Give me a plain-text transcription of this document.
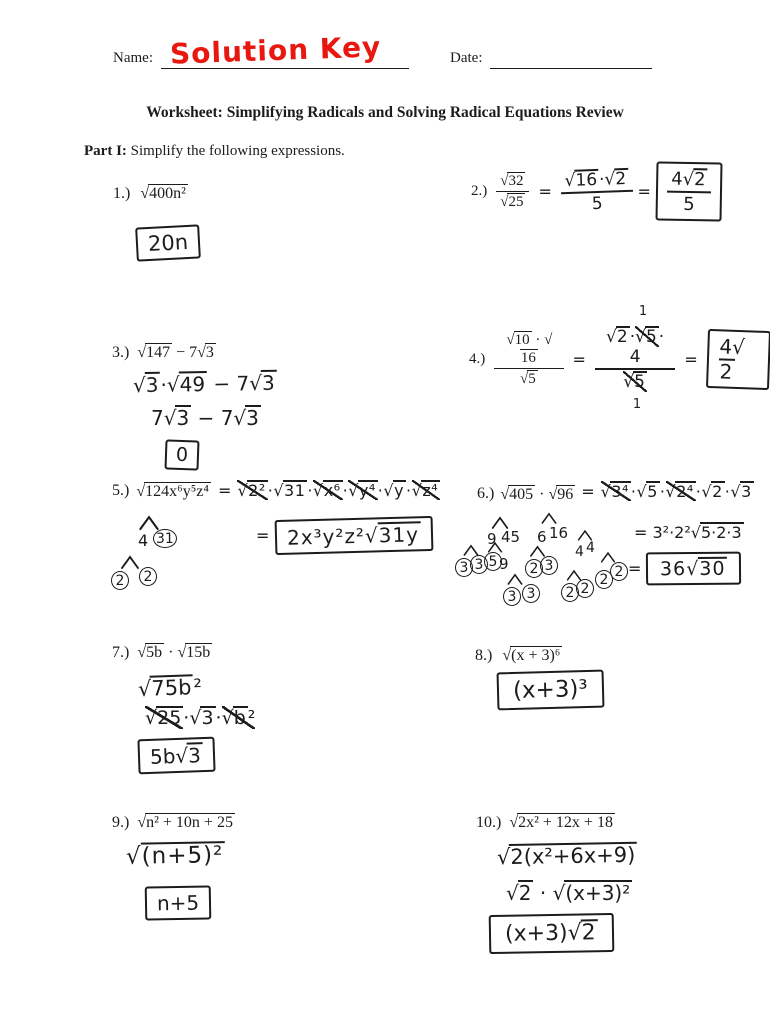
Name: Solution Key	Date:
Worksheet: Simplifying Radicals and Solving Radical Equations Review
Part I: Simplify the following expressions.
1.) √400n²
20n
$2.) \frac{√32}{√25} = \frac{√16\cdot√2}{5} = \frac{4√2}{5}$
3.) √147 − 7√3
√3·√49 − 7√3
7√3 − 7√3
0
$4.) \frac{√10 \cdot √16}{√5}$ =
1
√2 ·√5 · 4
√5
1
=
4√2
5.) √124x⁶y⁵z⁴ = √2² ·√31 ·√x⁶ ·√y⁴ ·√y ·√z⁴
= 2x³y²z²√31y
4 31
2	2
6.) √405 · √96 = √3⁴ ·√5 ·√2⁴ ·√2 ·√3
= 3²·2²√5·2·3
= 36√30
9 45
3 3 5 9
3 3
6 16
2 3
4 4
2 2
2 2
7.) √5b · √15b
√75b²
√25 ·√3 ·√b ²
5b√3
8.) √(x + 3)⁶
(x+3)³
9.) √n² + 10n + 25
√(n+5)²
n+5
10.) √2x² + 12x + 18
√2(x²+6x+9)
√2 · √(x+3)²
(x+3)√2
